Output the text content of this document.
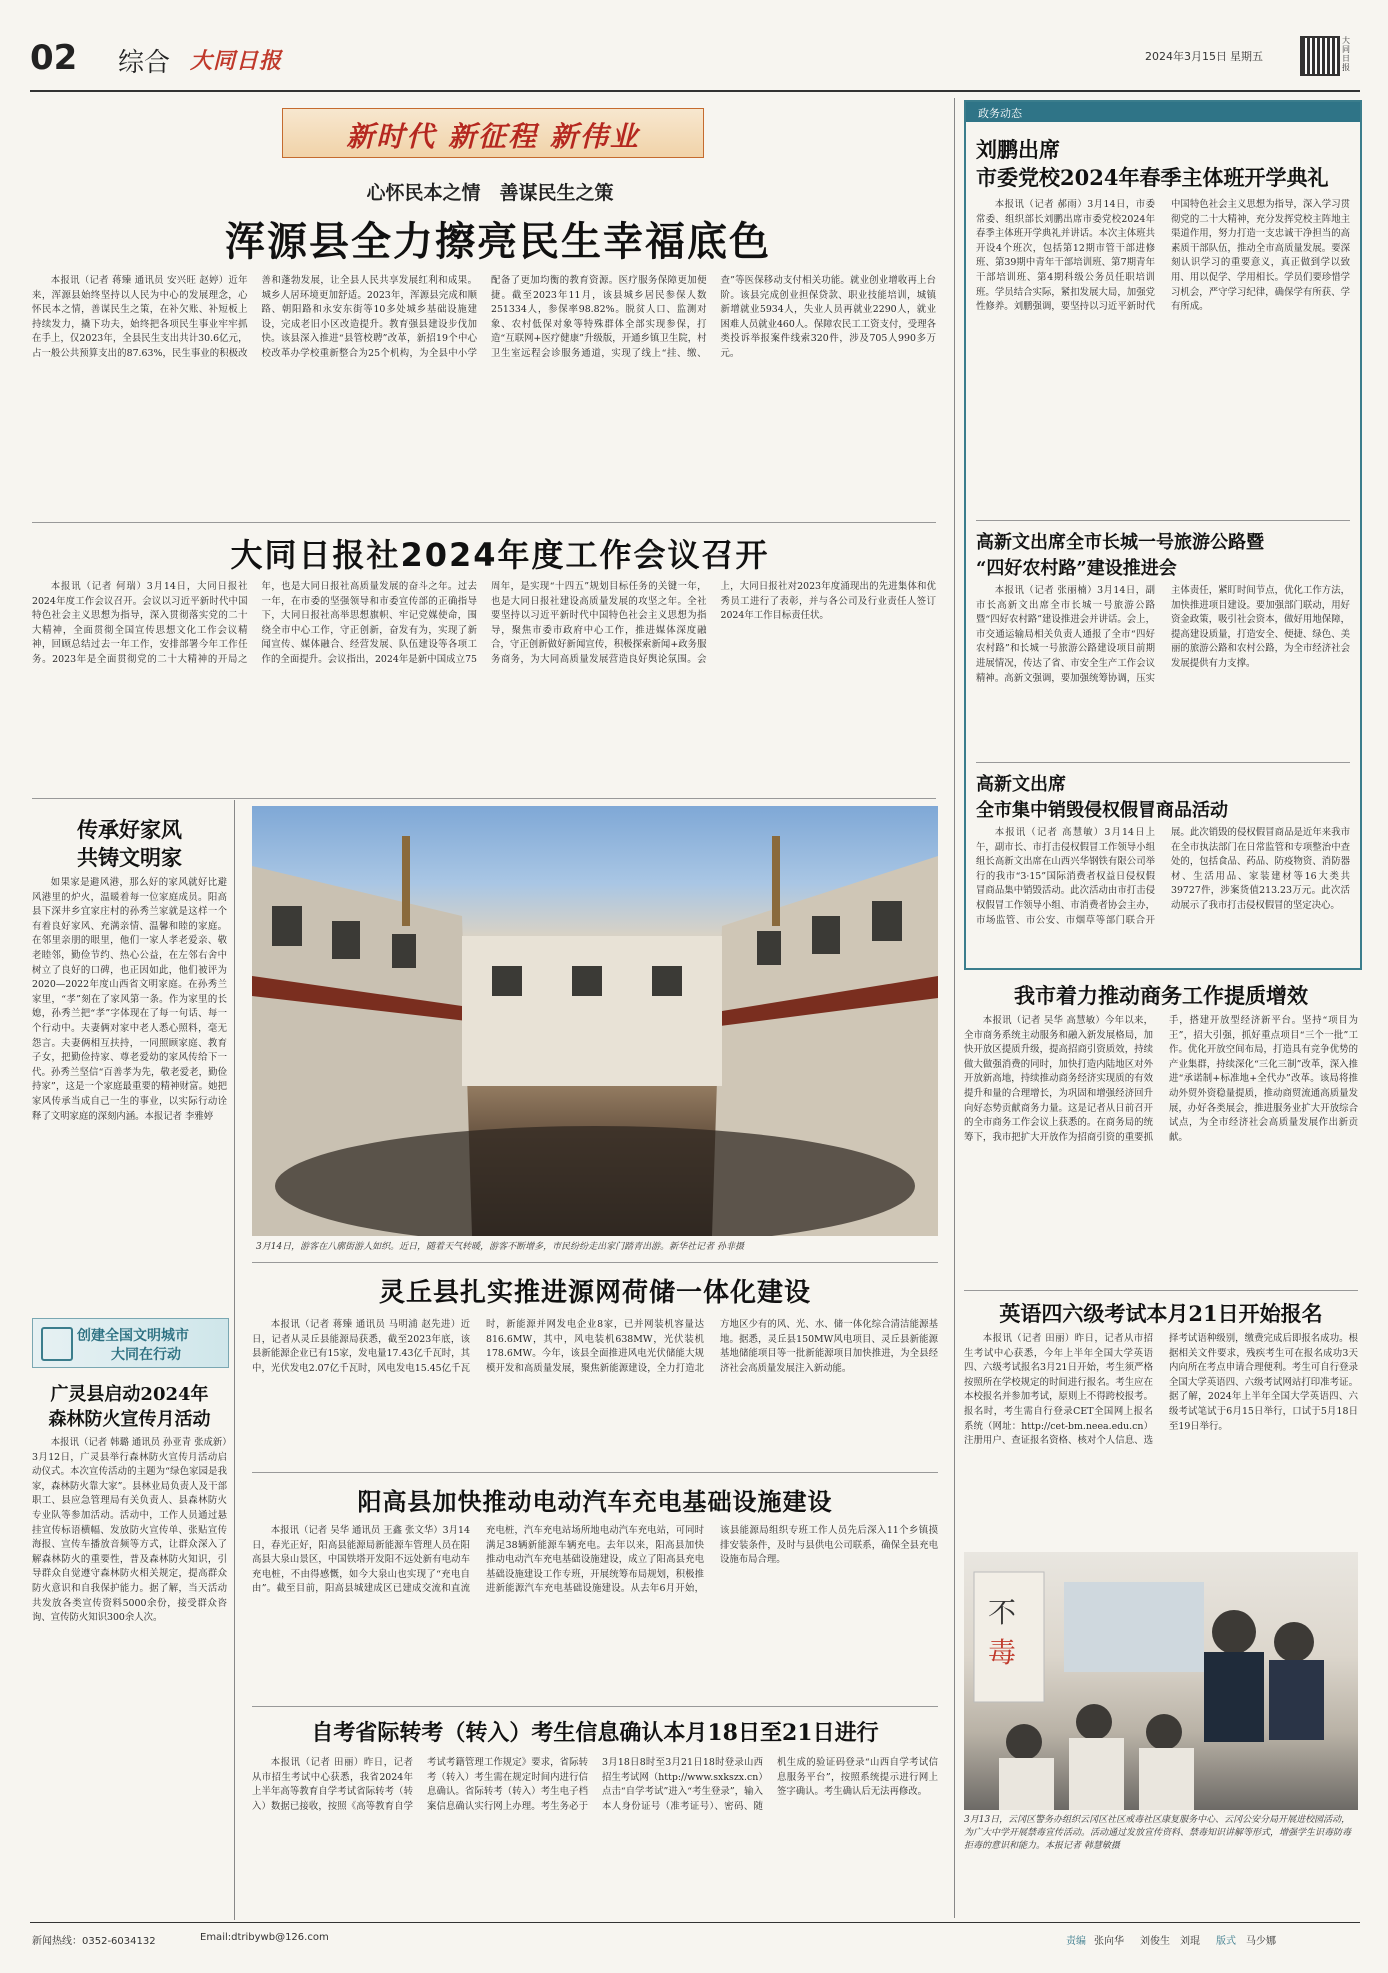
02 综合 大同日报	2024年3月15日 星期五
大同日报
新时代 新征程 新伟业
心怀民本之情　善谋民生之策
浑源县全力擦亮民生幸福底色
本报讯（记者 蒋臻 通讯员 安兴旺 赵婷）近年来，浑源县始终坚持以人民为中心的发展理念，心怀民本之情，善谋民生之策，在补欠账、补短板上持续发力，撬下功夫，始终把各项民生事业牢牢抓在手上，仅2023年，全县民生支出共计30.6亿元，占一般公共预算支出的87.63%，民生事业的积极改善和蓬勃发展，让全县人民共享发展红利和成果。城乡人居环境更加舒适。2023年，浑源县完成和顺路、朝阳路和永安东街等10多处城乡基础设施建设，完成老旧小区改造提升。教育强县建设步伐加快。该县深入推进“县管校聘”改革，新招19个中心校改革办学校重新整合为25个机构，为全县中小学配备了更加均衡的教育资源。医疗服务保障更加便捷。截至2023年11月，该县城乡居民参保人数251334人，参保率98.82%。脱贫人口、监测对象、农村低保对象等特殊群体全部实现参保，打造“互联网+医疗健康”升级版，开通乡镇卫生院，村卫生室远程会诊服务通道，实现了线上“挂、缴、查”等医保移动支付相关功能。就业创业增收再上台阶。该县完成创业担保贷款、职业技能培训，城镇新增就业5934人，失业人员再就业2290人，就业困难人员就业460人。保障农民工工资支付，受理各类投诉举报案件线索320件，涉及705人990多万元。
大同日报社2024年度工作会议召开
本报讯（记者 何瑞）3月14日，大同日报社2024年度工作会议召开。会议以习近平新时代中国特色社会主义思想为指导，深入贯彻落实党的二十大精神，全面贯彻全国宣传思想文化工作会议精神，回顾总结过去一年工作，安排部署今年工作任务。2023年是全面贯彻党的二十大精神的开局之年，也是大同日报社高质量发展的奋斗之年。过去一年，在市委的坚强领导和市委宣传部的正确指导下，大同日报社高举思想旗帜、牢记党媒使命，围绕全市中心工作，守正创新，奋发有为，实现了新闻宣传、媒体融合、经营发展、队伍建设等各项工作的全面提升。会议指出，2024年是新中国成立75周年，是实现“十四五”规划目标任务的关键一年，也是大同日报社建设高质量发展的攻坚之年。全社要坚持以习近平新时代中国特色社会主义思想为指导，聚焦市委市政府中心工作，推进媒体深度融合，守正创新做好新闻宣传，积极探索新闻+政务服务商务，为大同高质量发展营造良好舆论氛围。会上，大同日报社对2023年度涌现出的先进集体和优秀员工进行了表彰，并与各公司及行业责任人签订2024年工作目标责任状。
传承好家风
共铸文明家
如果家是避风港，那么好的家风就好比避风港里的炉火，温暖着每一位家庭成员。阳高县下深井乡宜家庄村的孙秀兰家就是这样一个有着良好家风、充满亲情、温馨和睦的家庭。在邻里亲朋的眼里，他们一家人孝老爱亲、敬老睦邻，勤俭节约、热心公益，在左邻右舍中树立了良好的口碑，也正因如此，他们被评为2020—2022年度山西省文明家庭。在孙秀兰家里，“孝”刻在了家风第一条。作为家里的长媳，孙秀兰把“孝”字体现在了每一句话、每一个行动中。夫妻俩对家中老人悉心照料，毫无怨言。夫妻俩相互扶持，一同照顾家庭、教育子女，把勤俭持家、尊老爱幼的家风传给下一代。孙秀兰坚信“百善孝为先，敬老爱老，勤俭持家”，这是一个家庭最重要的精神财富。她把家风传承当成自己一生的事业，以实际行动诠释了文明家庭的深刻内涵。本报记者 李雅婷
创建全国文明城市
大同在行动
广灵县启动2024年
森林防火宣传月活动
本报讯（记者 韩璐 通讯员 孙亚青 张成新）3月12日，广灵县举行森林防火宣传月活动启动仪式。本次宣传活动的主题为“绿色家园是我家，森林防火靠大家”。县林业局负责人及干部职工、县应急管理局有关负责人、县森林防火专业队等参加活动。活动中，工作人员通过悬挂宣传标语横幅、发放防火宣传单、张贴宣传海报、宣传车播放音频等方式，让群众深入了解森林防火的重要性，普及森林防火知识，引导群众自觉遵守森林防火相关规定，提高群众防火意识和自我保护能力。据了解，当天活动共发放各类宣传资料5000余份，接受群众咨询、宣传防火知识300余人次。
3月14日，游客在八廓街游人如织。近日，随着天气转暖，游客不断增多，市民纷纷走出家门踏青出游。新华社记者 孙非摄
灵丘县扎实推进源网荷储一体化建设
本报讯（记者 蒋臻 通讯员 马明浦 赵先进）近日，记者从灵丘县能源局获悉，截至2023年底，该县新能源企业已有15家，发电量17.43亿千瓦时，其中，光伏发电2.07亿千瓦时，风电发电15.45亿千瓦时，新能源并网发电企业8家，已并网装机容量达816.6MW，其中，风电装机638MW，光伏装机178.6MW。今年，该县全面推进风电光伏储能大规模开发和高质量发展，聚焦新能源建设，全力打造北方地区少有的风、光、水、储一体化综合清洁能源基地。据悉，灵丘县150MW风电项目、灵丘县新能源基地储能项目等一批新能源项目加快推进，为全县经济社会高质量发展注入新动能。
阳高县加快推动电动汽车充电基础设施建设
本报讯（记者 吴华 通讯员 王鑫 张文华）3月14日，春光正好，阳高县能源局新能源车管理人员在阳高县大泉山景区，中国铁塔开发阳不远处新有电动车充电桩，不由得感慨，如今大泉山也实现了“充电自由”。截至目前，阳高县城建成区已建成交流和直流充电桩，汽车充电站场所地电动汽车充电站，可同时满足38辆新能源车辆充电。去年以来，阳高县加快推动电动汽车充电基础设施建设，成立了阳高县充电基础设施建设工作专班，开展统筹布局规划，积极推进新能源汽车充电基础设施建设。从去年6月开始，该县能源局组织专班工作人员先后深入11个乡镇摸排安装条件，及时与县供电公司联系，确保全县充电设施布局合理。
自考省际转考（转入）考生信息确认本月18日至21日进行
本报讯（记者 田丽）昨日，记者从市招生考试中心获悉，我省2024年上半年高等教育自学考试省际转考（转入）数据已接收，按照《高等教育自学考试考籍管理工作规定》要求，省际转考（转入）考生需在规定时间内进行信息确认。省际转考（转入）考生电子档案信息确认实行网上办理。考生务必于3月18日8时至3月21日18时登录山西招生考试网（http://www.sxkszx.cn）点击“自学考试”进入“考生登录”，输入本人身份证号（准考证号）、密码、随机生成的验证码登录“山西自学考试信息服务平台”，按照系统提示进行网上签字确认。考生确认后无法再修改。
政务动态
刘鹏出席
市委党校2024年春季主体班开学典礼
本报讯（记者 郝雨）3月14日，市委常委、组织部长刘鹏出席市委党校2024年春季主体班开学典礼并讲话。本次主体班共开设4个班次，包括第12期市管干部进修班、第39期中青年干部培训班、第7期青年干部培训班、第4期科级公务员任职培训班。学员结合实际，紧扣发展大局，加强党性修养。刘鹏强调，要坚持以习近平新时代中国特色社会主义思想为指导，深入学习贯彻党的二十大精神，充分发挥党校主阵地主渠道作用，努力打造一支忠诚干净担当的高素质干部队伍，推动全市高质量发展。要深刻认识学习的重要意义，真正做到学以致用、用以促学、学用相长。学员们要珍惜学习机会，严守学习纪律，确保学有所获、学有所成。
高新文出席全市长城一号旅游公路暨
“四好农村路”建设推进会
本报讯（记者 张丽楠）3月14日，副市长高新文出席全市长城一号旅游公路暨“四好农村路”建设推进会并讲话。会上，市交通运输局相关负责人通报了全市“四好农村路”和长城一号旅游公路建设项目前期进展情况，传达了省、市安全生产工作会议精神。高新文强调，要加强统筹协调，压实主体责任，紧盯时间节点，优化工作方法，加快推进项目建设。要加强部门联动，用好资金政策，吸引社会资本，做好用地保障，提高建设质量，打造安全、便捷、绿色、美丽的旅游公路和农村公路，为全市经济社会发展提供有力支撑。
高新文出席
全市集中销毁侵权假冒商品活动
本报讯（记者 高慧敏）3月14日上午，副市长、市打击侵权假冒工作领导小组组长高新文出席在山西兴华钢铁有限公司举行的我市“3·15”国际消费者权益日侵权假冒商品集中销毁活动。此次活动由市打击侵权假冒工作领导小组、市消费者协会主办，市场监管、市公安、市烟草等部门联合开展。此次销毁的侵权假冒商品是近年来我市在全市执法部门在日常监管和专项整治中查处的，包括食品、药品、防疫物资、消防器材、生活用品、家装建材等16大类共39727件，涉案货值213.23万元。此次活动展示了我市打击侵权假冒的坚定决心。
我市着力推动商务工作提质增效
本报讯（记者 吴华 高慧敏）今年以来，全市商务系统主动服务和融入新发展格局，加快开放区提质升级，提高招商引资质效，持续做大做强消费的同时，加快打造内陆地区对外开放新高地，持续推动商务经济实现质的有效提升和量的合理增长，为巩固和增强经济回升向好态势贡献商务力量。这是记者从日前召开的全市商务工作会议上获悉的。在商务局的统筹下，我市把扩大开放作为招商引资的重要抓手，搭建开放型经济新平台。坚持“项目为王”，招大引强，抓好重点项目“三个一批”工作。优化开放空间布局，打造具有竞争优势的产业集群，持续深化“三化三制”改革，深入推进“承诺制+标准地+全代办”改革。该局将推动外贸外资稳量提质，推动商贸流通高质量发展，办好各类展会，推进服务业扩大开放综合试点，为全市经济社会高质量发展作出新贡献。
英语四六级考试本月21日开始报名
本报讯（记者 田丽）昨日，记者从市招生考试中心获悉，今年上半年全国大学英语四、六级考试报名3月21日开始，考生须严格按照所在学校规定的时间进行报名。考生应在本校报名并参加考试，原则上不得跨校报考。报名时，考生需自行登录CET全国网上报名系统（网址：http://cet-bm.neea.edu.cn）注册用户、查证报名资格、核对个人信息、选择考试语种级别，缴费完成后即报名成功。根据相关文件要求，残疾考生可在报名成功3天内向所在考点申请合理便利。考生可自行登录全国大学英语四、六级考试网站打印准考证。据了解，2024年上半年全国大学英语四、六级考试笔试于6月15日举行，口试于5月18日至19日举行。
不
毒
3月13日，云冈区警务办组织云冈区社区戒毒社区康复服务中心、云冈公安分局开展进校园活动，为广大中学开展禁毒宣传活动。活动通过发放宣传资料、禁毒知识讲解等形式，增强学生识毒防毒拒毒的意识和能力。本报记者 韩慧敏摄
新闻热线：0352-6034132	Email:dtribywb@126.com	责编 张向华 刘俊生 刘琨 版式 马少娜
